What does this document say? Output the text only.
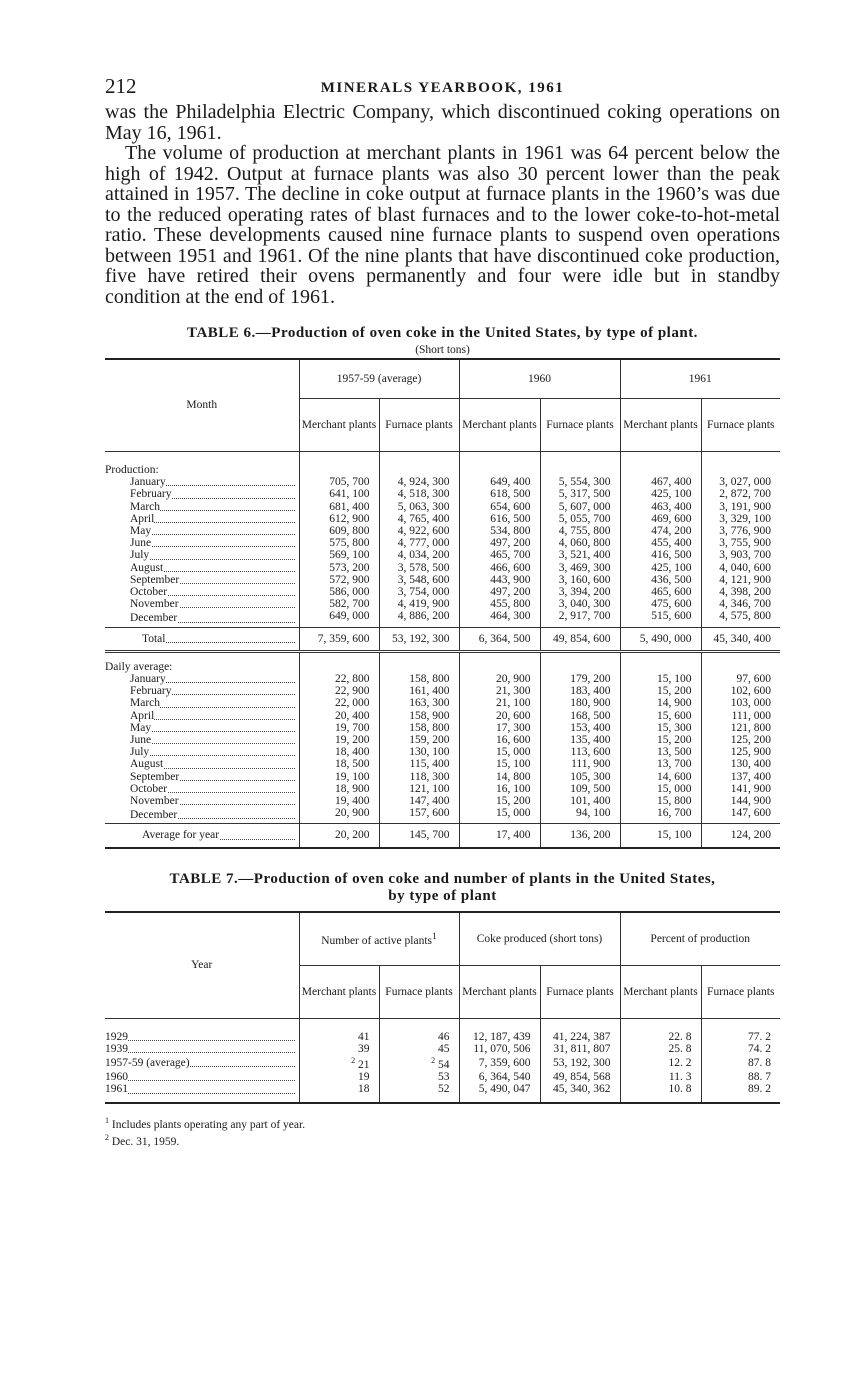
212	MINERALS YEARBOOK, 1961

was the Philadelphia Electric Company, which discontinued coking operations on May 16, 1961.

The volume of production at merchant plants in 1961 was 64 percent below the high of 1942. Output at furnace plants was also 30 percent lower than the peak attained in 1957. The decline in coke output at furnace plants in the 1960’s was due to the reduced operating rates of blast furnaces and to the lower coke-to-hot-metal ratio. These developments caused nine furnace plants to suspend oven operations between 1951 and 1961. Of the nine plants that have discontinued coke production, five have retired their ovens permanently and four were idle but in standby condition at the end of 1961.

TABLE 6.—Production of oven coke in the United States, by type of plant.
(Short tons)
Month	1957-59 (average)		1960		1961	
	Merchant plants	Furnace plants	Merchant plants	Furnace plants	Merchant plants	Furnace plants
Production:						

January	705, 700	4, 924, 300	649, 400	5, 554, 300	467, 400	3, 027, 000

February	641, 100	4, 518, 300	618, 500	5, 317, 500	425, 100	2, 872, 700

March	681, 400	5, 063, 300	654, 600	5, 607, 000	463, 400	3, 191, 900

April	612, 900	4, 765, 400	616, 500	5, 055, 700	469, 600	3, 329, 100

May	609, 800	4, 922, 600	534, 800	4, 755, 800	474, 200	3, 776, 900

June	575, 800	4, 777, 000	497, 200	4, 060, 800	455, 400	3, 755, 900

July	569, 100	4, 034, 200	465, 700	3, 521, 400	416, 500	3, 903, 700

August	573, 200	3, 578, 500	466, 600	3, 469, 300	425, 100	4, 040, 600

September	572, 900	3, 548, 600	443, 900	3, 160, 600	436, 500	4, 121, 900

October	586, 000	3, 754, 000	497, 200	3, 394, 200	465, 600	4, 398, 200

November	582, 700	4, 419, 900	455, 800	3, 040, 300	475, 600	4, 346, 700

December	649, 000	4, 886, 200	464, 300	2, 917, 700	515, 600	4, 575, 800

Total	7, 359, 600	53, 192, 300	6, 364, 500	49, 854, 600	5, 490, 000	45, 340, 400
Daily average:						

January	22, 800	158, 800	20, 900	179, 200	15, 100	97, 600

February	22, 900	161, 400	21, 300	183, 400	15, 200	102, 600

March	22, 000	163, 300	21, 100	180, 900	14, 900	103, 000

April	20, 400	158, 900	20, 600	168, 500	15, 600	111, 000

May	19, 700	158, 800	17, 300	153, 400	15, 300	121, 800

June	19, 200	159, 200	16, 600	135, 400	15, 200	125, 200

July	18, 400	130, 100	15, 000	113, 600	13, 500	125, 900

August	18, 500	115, 400	15, 100	111, 900	13, 700	130, 400

September	19, 100	118, 300	14, 800	105, 300	14, 600	137, 400

October	18, 900	121, 100	16, 100	109, 500	15, 000	141, 900

November	19, 400	147, 400	15, 200	101, 400	15, 800	144, 900

December	20, 900	157, 600	15, 000	94, 100	16, 700	147, 600

Average for year	20, 200	145, 700	17, 400	136, 200	15, 100	124, 200
TABLE 7.—Production of oven coke and number of plants in the United States,
by type of plant
Year	Number of active plants$^1$		Coke produced (short tons)		Percent of production	
	Merchant plants	Furnace plants	Merchant plants	Furnace plants	Merchant plants	Furnace plants

1929	41	46	12, 187, 439	41, 224, 387	22. 8	77. 2

1939	39	45	11, 070, 506	31, 811, 807	25. 8	74. 2

1957-59 (average)	$^2$ 21	$^2$ 54	7, 359, 600	53, 192, 300	12. 2	87. 8

1960	19	53	6, 364, 540	49, 854, 568	11. 3	88. 7

1961	18	52	5, 490, 047	45, 340, 362	10. 8	89. 2
$^1$ Includes plants operating any part of year.
$^2$ Dec. 31, 1959.
